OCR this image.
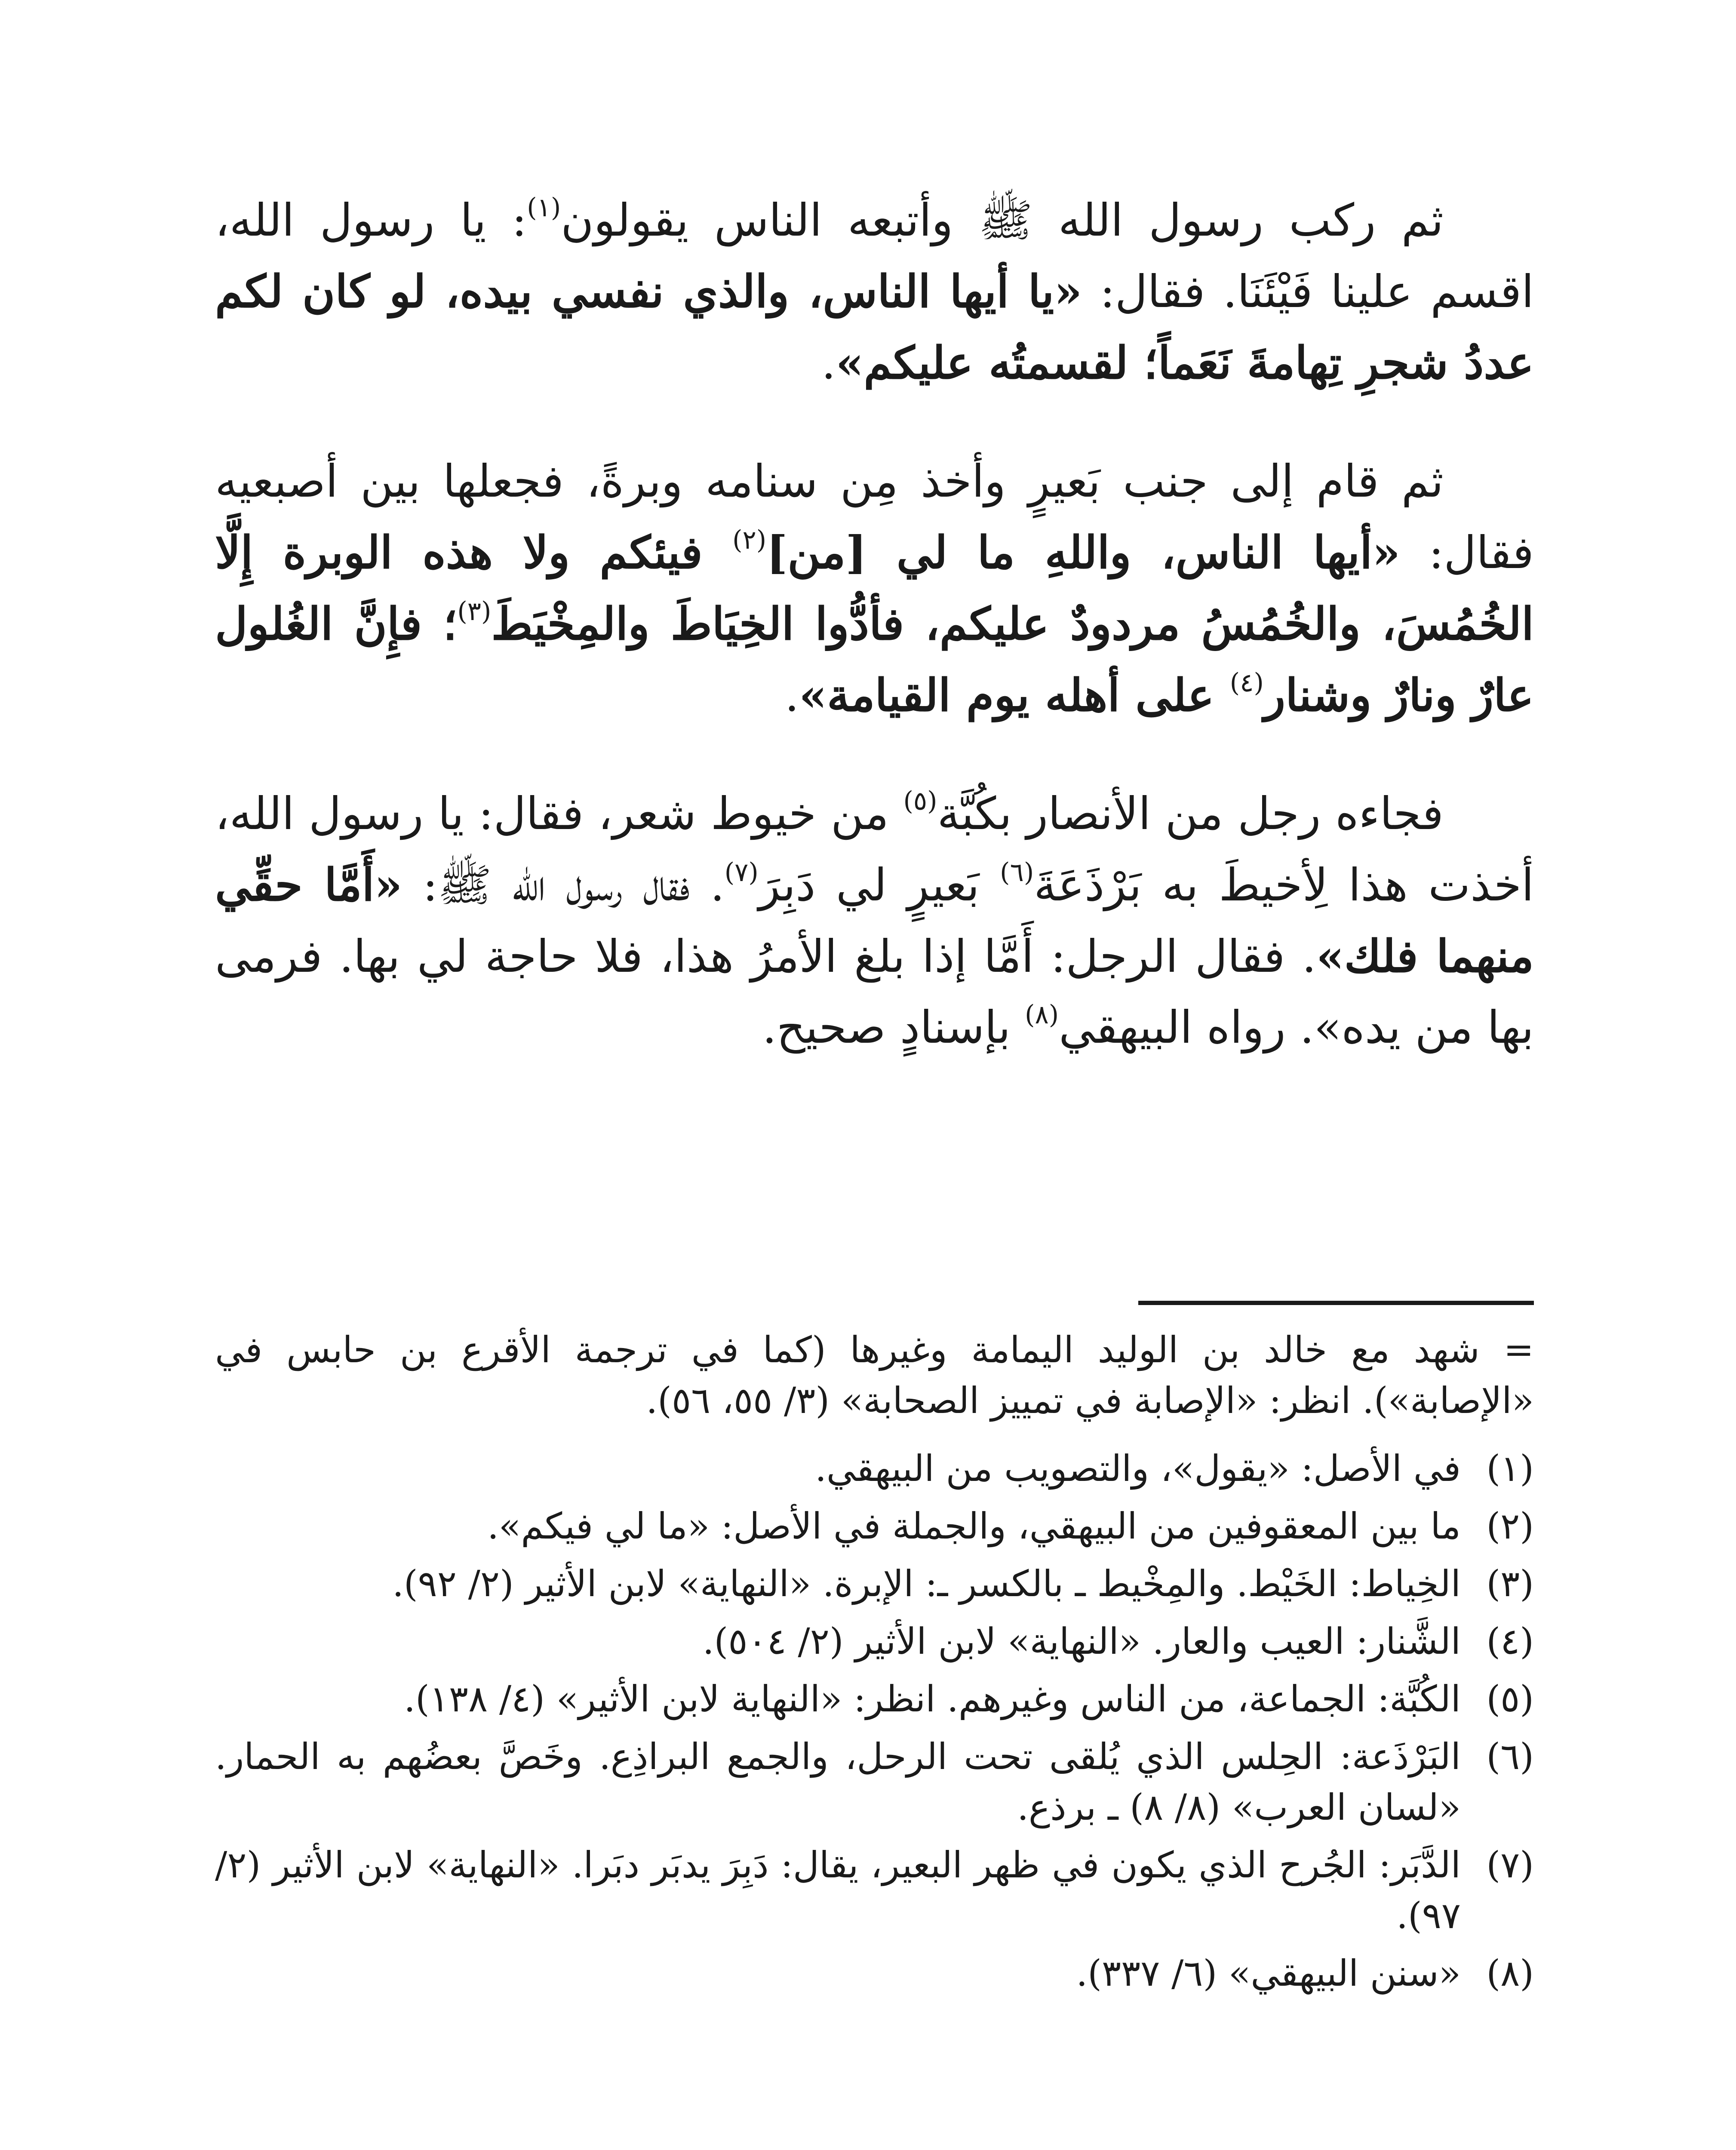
ثم ركب رسول الله ﷺ وأتبعه الناس يقولون$^{(١)}$: يا رسول الله، اقسم علينا فَيْئَنَا. فقال: «يا أيها الناس، والذي نفسي بيده، لو كان لكم عددُ شجرِ تِهامةَ نَعَماً؛ لقسمتُه عليكم».

ثم قام إلى جنب بَعيرٍ وأخذ مِن سنامه وبرةً، فجعلها بين أصبعيه فقال: «أيها الناس، واللهِ ما لي [من]$^{(٢)}$ فيئكم ولا هذه الوبرة إِلَّا الخُمُسَ، والخُمُسُ مردودٌ عليكم، فأدُّوا الخِيَاطَ والمِخْيَطَ$^{(٣)}$؛ فإِنَّ الغُلول عارٌ ونارٌ وشنار$^{(٤)}$ على أهله يوم القيامة».

فجاءه رجل من الأنصار بكُبَّة$^{(٥)}$ من خيوط شعر، فقال: يا رسول الله، أخذت هذا لِأخيطَ به بَرْذَعَةَ$^{(٦)}$ بَعيرٍ لي دَبِرَ$^{(٧)}$. فقال رسول الله ﷺ: «أَمَّا حقِّي منهما فلك». فقال الرجل: أَمَّا إذا بلغ الأمرُ هذا، فلا حاجة لي بها. فرمى بها من يده». رواه البيهقي$^{(٨)}$ بإسنادٍ صحيح.

= شهد مع خالد بن الوليد اليمامة وغيرها (كما في ترجمة الأقرع بن حابس في «الإصابة»). انظر: «الإصابة في تمييز الصحابة» (٣/ ٥٥، ٥٦).

(١)
في الأصل: «يقول»، والتصويب من البيهقي.
(٢)
ما بين المعقوفين من البيهقي، والجملة في الأصل: «ما لي فيكم».
(٣)
الخِياط: الخَيْط. والمِخْيط ـ بالكسر ـ: الإبرة. «النهاية» لابن الأثير (٢/ ٩٢).
(٤)
الشَّنار: العيب والعار. «النهاية» لابن الأثير (٢/ ٥٠٤).
(٥)
الكُبَّة: الجماعة، من الناس وغيرهم. انظر: «النهاية لابن الأثير» (٤/ ١٣٨).
(٦)
البَرْذَعة: الحِلس الذي يُلقى تحت الرحل، والجمع البراذِع. وخَصَّ بعضُهم به الحمار. «لسان العرب» (٨/ ٨) ـ برذع.
(٧)
الدَّبَر: الجُرح الذي يكون في ظهر البعير، يقال: دَبِرَ يدبَر دبَرا. «النهاية» لابن الأثير (٢/ ٩٧).
(٨)
«سنن البيهقي» (٦/ ٣٣٧).
